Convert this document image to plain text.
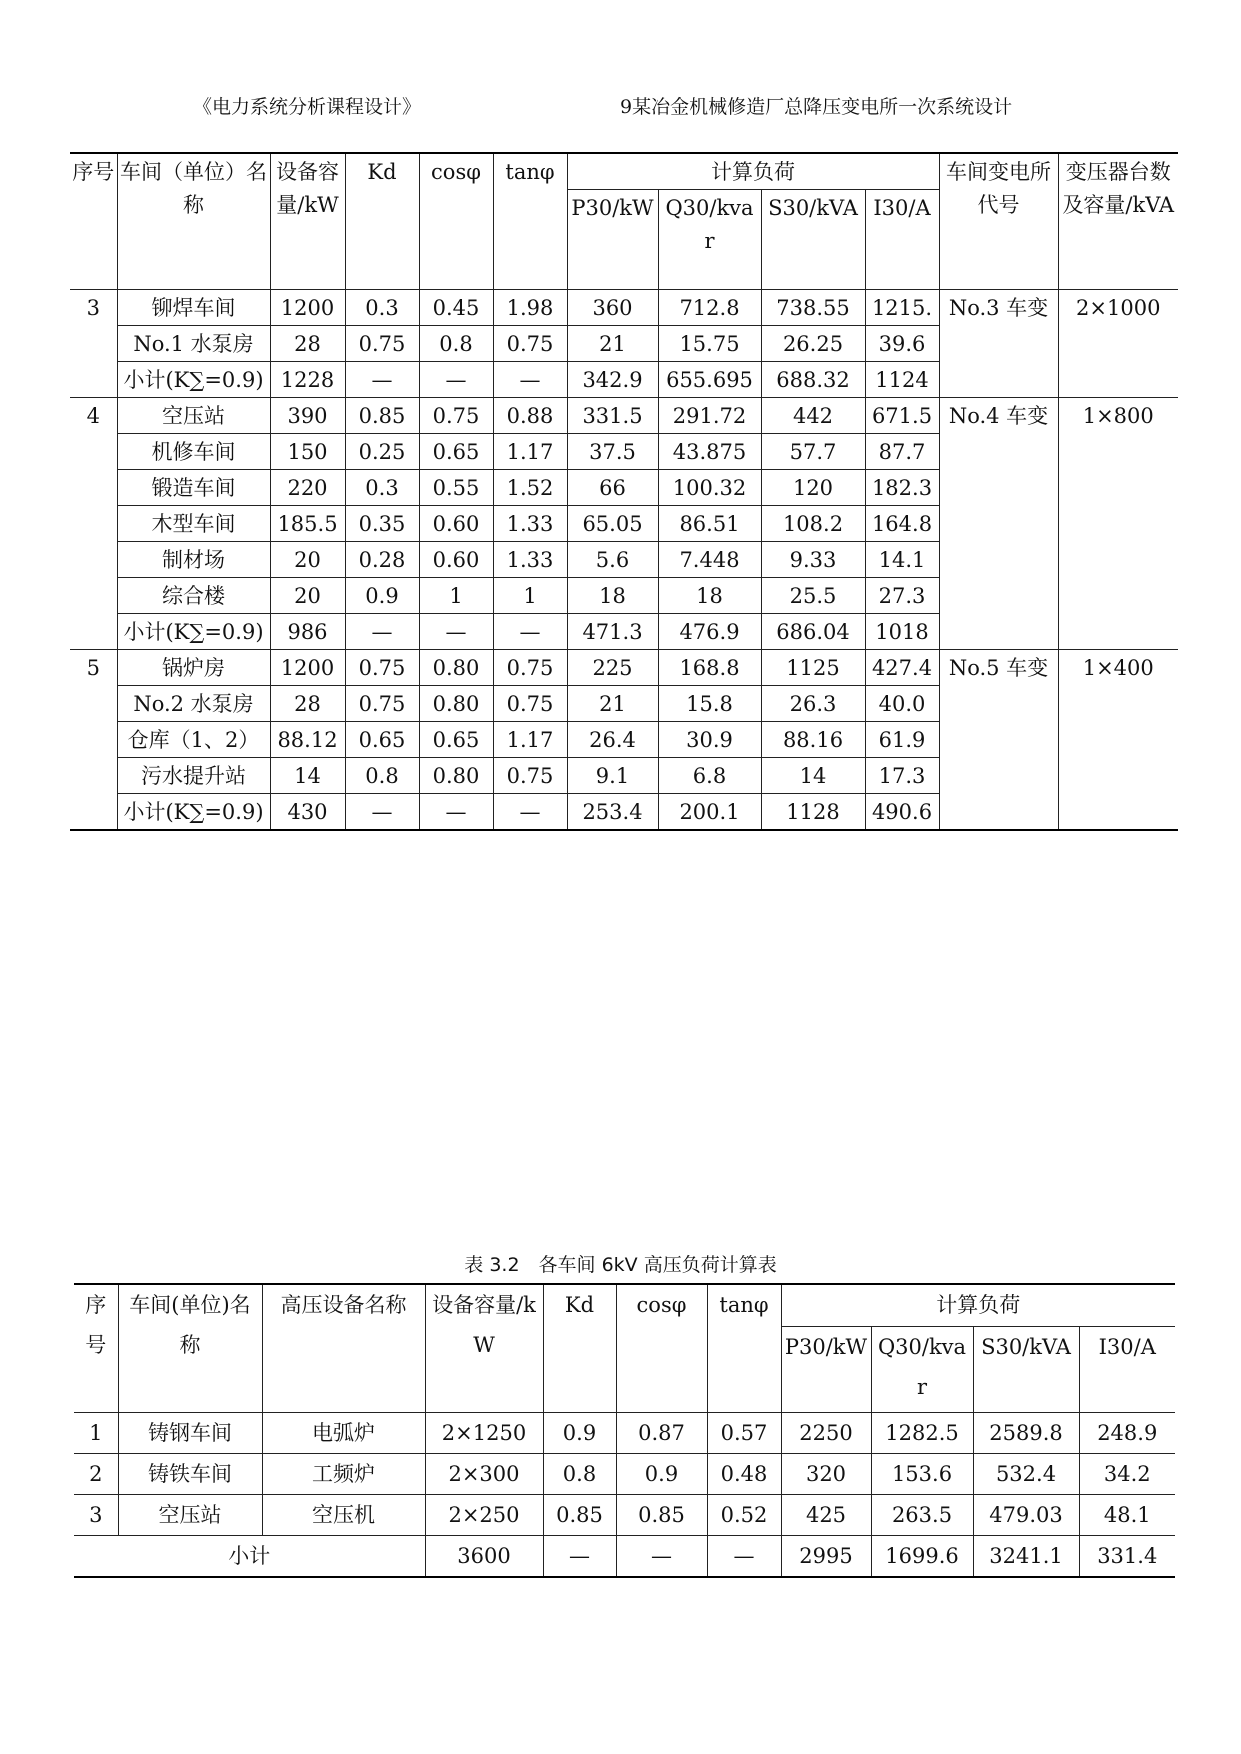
《电力系统分析课程设计》	9某冶金机械修造厂总降压变电所一次系统设计
序号	车间（单位）名称	设备容量/kW	Kd	cosφ	tanφ	计算负荷				车间变电所代号	变压器台数及容量/kVA
						P30/kW	Q30/kvar	S30/kVA	I30/A		
3	铆焊车间	1200	0.3	0.45	1.98	360	712.8	738.55	1215.	No.3 车变	2×1000
	No.1 水泵房	28	0.75	0.8	0.75	21	15.75	26.25	39.6		
	小计(K∑=0.9)	1228	—	—	—	342.9	655.695	688.32	1124		
4	空压站	390	0.85	0.75	0.88	331.5	291.72	442	671.5	No.4 车变	1×800
	机修车间	150	0.25	0.65	1.17	37.5	43.875	57.7	87.7		
	锻造车间	220	0.3	0.55	1.52	66	100.32	120	182.3		
	木型车间	185.5	0.35	0.60	1.33	65.05	86.51	108.2	164.8		
	制材场	20	0.28	0.60	1.33	5.6	7.448	9.33	14.1		
	综合楼	20	0.9	1	1	18	18	25.5	27.3		
	小计(K∑=0.9)	986	—	—	—	471.3	476.9	686.04	1018		
5	锅炉房	1200	0.75	0.80	0.75	225	168.8	1125	427.4	No.5 车变	1×400
	No.2 水泵房	28	0.75	0.80	0.75	21	15.8	26.3	40.0		
	仓库（1、2）	88.12	0.65	0.65	1.17	26.4	30.9	88.16	61.9		
	污水提升站	14	0.8	0.80	0.75	9.1	6.8	14	17.3		
	小计(K∑=0.9)	430	—	—	—	253.4	200.1	1128	490.6		
表 3.2　各车间 6kV 高压负荷计算表
序号	车间(单位)名称	高压设备名称	设备容量/kW	Kd	cosφ	tanφ	计算负荷			
							P30/kW	Q30/kvar	S30/kVA	I30/A
1	铸钢车间	电弧炉	2×1250	0.9	0.87	0.57	2250	1282.5	2589.8	248.9
2	铸铁车间	工频炉	2×300	0.8	0.9	0.48	320	153.6	532.4	34.2
3	空压站	空压机	2×250	0.85	0.85	0.52	425	263.5	479.03	48.1
小计			3600	—	—	—	2995	1699.6	3241.1	331.4
